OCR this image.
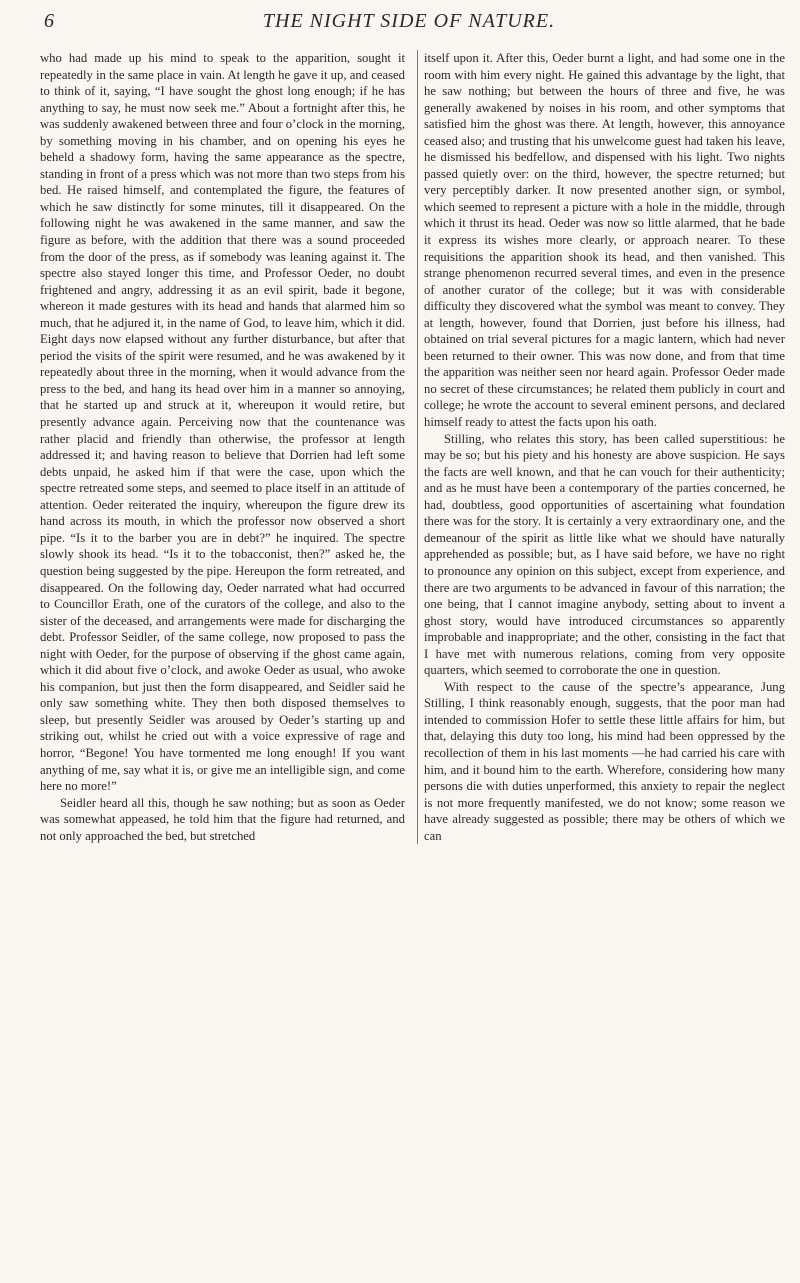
6	THE NIGHT SIDE OF NATURE.

who had made up his mind to speak to the apparition, sought it repeatedly in the same place in vain. At length he gave it up, and ceased to think of it, saying, “I have sought the ghost long enough; if he has anything to say, he must now seek me.” About a fortnight after this, he was suddenly awakened between three and four o’clock in the morning, by something moving in his chamber, and on opening his eyes he beheld a shadowy form, having the same appearance as the spectre, standing in front of a press which was not more than two steps from his bed. He raised himself, and contemplated the figure, the features of which he saw distinctly for some minutes, till it disappeared. On the following night he was awakened in the same manner, and saw the figure as before, with the addition that there was a sound proceeded from the door of the press, as if somebody was leaning against it. The spectre also stayed longer this time, and Professor Oeder, no doubt frightened and angry, addressing it as an evil spirit, bade it begone, whereon it made gestures with its head and hands that alarmed him so much, that he adjured it, in the name of God, to leave him, which it did. Eight days now elapsed without any further disturbance, but after that period the visits of the spirit were resumed, and he was awakened by it repeatedly about three in the morning, when it would advance from the press to the bed, and hang its head over him in a manner so annoying, that he started up and struck at it, whereupon it would retire, but presently advance again. Perceiving now that the countenance was rather placid and friendly than otherwise, the professor at length addressed it; and having reason to believe that Dorrien had left some debts unpaid, he asked him if that were the case, upon which the spectre retreated some steps, and seemed to place itself in an attitude of attention. Oeder reiterated the inquiry, whereupon the figure drew its hand across its mouth, in which the professor now observed a short pipe. “Is it to the barber you are in debt?” he inquired. The spectre slowly shook its head. “Is it to the tobacconist, then?” asked he, the question being suggested by the pipe. Hereupon the form retreated, and disappeared. On the following day, Oeder narrated what had occurred to Councillor Erath, one of the curators of the college, and also to the sister of the deceased, and arrangements were made for discharging the debt. Professor Seidler, of the same college, now proposed to pass the night with Oeder, for the purpose of observing if the ghost came again, which it did about five o’clock, and awoke Oeder as usual, who awoke his companion, but just then the form disappeared, and Seidler said he only saw something white. They then both disposed themselves to sleep, but presently Seidler was aroused by Oeder’s starting up and striking out, whilst he cried out with a voice expressive of rage and horror, “Begone! You have tormented me long enough! If you want anything of me, say what it is, or give me an intelligible sign, and come here no more!”

Seidler heard all this, though he saw nothing; but as soon as Oeder was somewhat appeased, he told him that the figure had returned, and not only approached the bed, but stretched

itself upon it. After this, Oeder burnt a light, and had some one in the room with him every night. He gained this advantage by the light, that he saw nothing; but between the hours of three and five, he was generally awakened by noises in his room, and other symptoms that satisfied him the ghost was there. At length, however, this annoyance ceased also; and trusting that his unwelcome guest had taken his leave, he dismissed his bedfellow, and dispensed with his light. Two nights passed quietly over: on the third, however, the spectre returned; but very perceptibly darker. It now presented another sign, or symbol, which seemed to represent a picture with a hole in the middle, through which it thrust its head. Oeder was now so little alarmed, that he bade it express its wishes more clearly, or approach nearer. To these requisitions the apparition shook its head, and then vanished. This strange phenomenon recurred several times, and even in the presence of another curator of the college; but it was with considerable difficulty they discovered what the symbol was meant to convey. They at length, however, found that Dorrien, just before his illness, had obtained on trial several pictures for a magic lantern, which had never been returned to their owner. This was now done, and from that time the apparition was neither seen nor heard again. Professor Oeder made no secret of these circumstances; he related them publicly in court and college; he wrote the account to several eminent persons, and declared himself ready to attest the facts upon his oath.

Stilling, who relates this story, has been called superstitious: he may be so; but his piety and his honesty are above suspicion. He says the facts are well known, and that he can vouch for their authenticity; and as he must have been a contemporary of the parties concerned, he had, doubtless, good opportunities of ascertaining what foundation there was for the story. It is certainly a very extraordinary one, and the demeanour of the spirit as little like what we should have naturally apprehended as possible; but, as I have said before, we have no right to pronounce any opinion on this subject, except from experience, and there are two arguments to be advanced in favour of this narration; the one being, that I cannot imagine anybody, setting about to invent a ghost story, would have introduced circumstances so apparently improbable and inappropriate; and the other, consisting in the fact that I have met with numerous relations, coming from very opposite quarters, which seemed to corroborate the one in question.

With respect to the cause of the spectre’s appearance, Jung Stilling, I think reasonably enough, suggests, that the poor man had intended to commission Hofer to settle these little affairs for him, but that, delaying this duty too long, his mind had been oppressed by the recollection of them in his last moments —he had carried his care with him, and it bound him to the earth. Wherefore, considering how many persons die with duties unperformed, this anxiety to repair the neglect is not more frequently manifested, we do not know; some reason we have already suggested as possible; there may be others of which we can
